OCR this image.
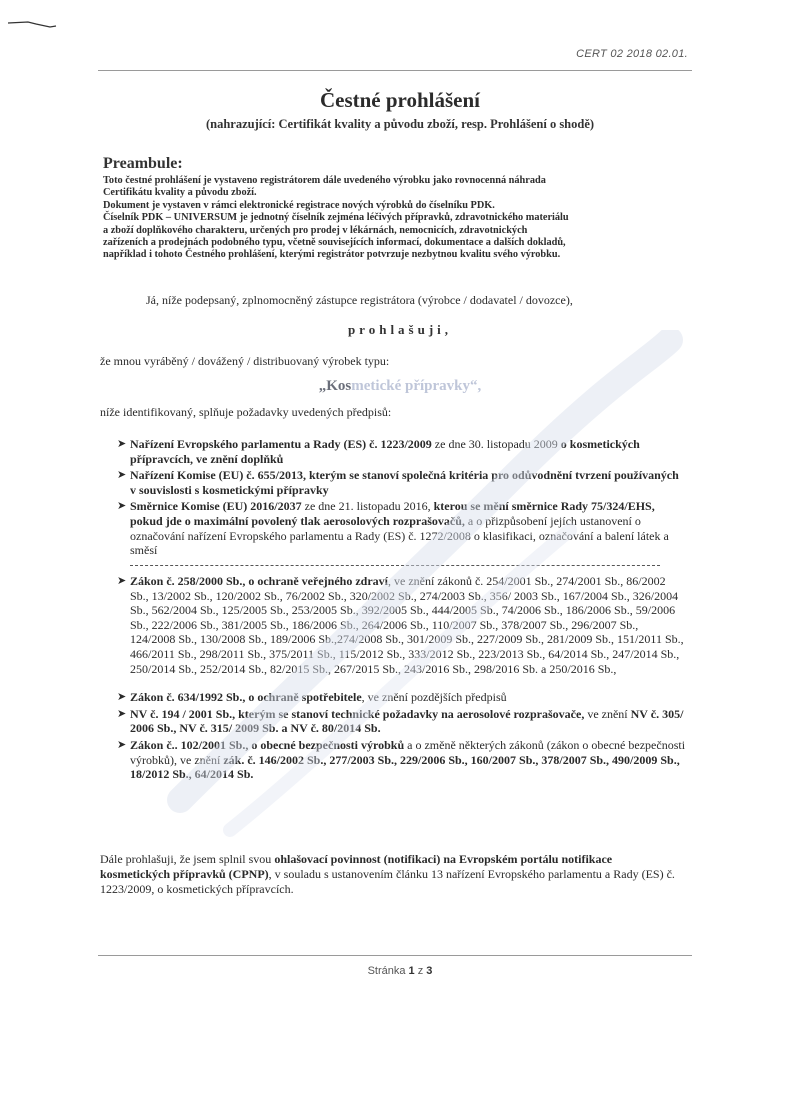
CERT 02 2018 02.01.
Čestné prohlášení
(nahrazující: Certifikát kvality a původu zboží, resp. Prohlášení o shodě)
Preambule:
Toto čestné prohlášení je vystaveno registrátorem dále uvedeného výrobku jako rovnocenná náhrada
Certifikátu kvality a původu zboží.
Dokument je vystaven v rámci elektronické registrace nových výrobků do číselníku PDK.
Číselník PDK – UNIVERSUM je jednotný číselník zejména léčivých přípravků, zdravotnického materiálu
a zboží doplňkového charakteru, určených pro prodej v lékárnách, nemocnicích, zdravotnických
zařízeních a prodejnách podobného typu, včetně souvisejících informací, dokumentace a dalších dokladů,
například i tohoto Čestného prohlášení, kterými registrátor potvrzuje nezbytnou kvalitu svého výrobku.
Já, níže podepsaný, zplnomocněný zástupce registrátora (výrobce / dodavatel / dovozce),
prohlašuji,
že mnou vyráběný / dovážený / distribuovaný výrobek typu:
„Kosmetické přípravky“,
níže identifikovaný, splňuje požadavky uvedených předpisů:
➤ Nařízení Evropského parlamentu a Rady (ES) č. 1223/2009 ze dne 30. listopadu 2009 o kosmetických přípravcích, ve znění doplňků
➤ Nařízení Komise (EU) č. 655/2013, kterým se stanoví společná kritéria pro odůvodnění tvrzení používaných v souvislosti s kosmetickými přípravky
➤ Směrnice Komise (EU) 2016/2037 ze dne 21. listopadu 2016, kterou se mění směrnice Rady 75/324/EHS, pokud jde o maximální povolený tlak aerosolových rozprašovačů, a o přizpůsobení jejích ustanovení o označování nařízení Evropského parlamentu a Rady (ES) č. 1272/2008 o klasifikaci, označování a balení látek a směsí
➤ Zákon č. 258/2000 Sb., o ochraně veřejného zdraví, ve znění zákonů č. 254/2001 Sb., 274/2001 Sb., 86/2002 Sb., 13/2002 Sb., 120/2002 Sb., 76/2002 Sb., 320/2002 Sb., 274/2003 Sb., 356/ 2003 Sb., 167/2004 Sb., 326/2004 Sb., 562/2004 Sb., 125/2005 Sb., 253/2005 Sb., 392/2005 Sb., 444/2005 Sb., 74/2006 Sb., 186/2006 Sb., 59/2006 Sb., 222/2006 Sb., 381/2005 Sb., 186/2006 Sb., 264/2006 Sb., 110/2007 Sb., 378/2007 Sb., 296/2007 Sb., 124/2008 Sb., 130/2008 Sb., 189/2006 Sb.,274/2008 Sb., 301/2009 Sb., 227/2009 Sb., 281/2009 Sb., 151/2011 Sb., 466/2011 Sb., 298/2011 Sb., 375/2011 Sb., 115/2012 Sb., 333/2012 Sb., 223/2013 Sb., 64/2014 Sb., 247/2014 Sb., 250/2014 Sb., 252/2014 Sb., 82/2015 Sb., 267/2015 Sb., 243/2016 Sb., 298/2016 Sb. a 250/2016 Sb.,
➤ Zákon č. 634/1992 Sb., o ochraně spotřebitele, ve znění pozdějších předpisů
➤ NV č. 194 / 2001 Sb., kterým se stanoví technické požadavky na aerosolové rozprašovače, ve znění NV č. 305/ 2006 Sb., NV č. 315/ 2009 Sb. a NV č. 80/2014 Sb.
➤ Zákon č.. 102/2001 Sb., o obecné bezpečnosti výrobků a o změně některých zákonů (zákon o obecné bezpečnosti výrobků), ve znění zák. č. 146/2002 Sb., 277/2003 Sb., 229/2006 Sb., 160/2007 Sb., 378/2007 Sb., 490/2009 Sb., 18/2012 Sb., 64/2014 Sb.
Dále prohlašuji, že jsem splnil svou ohlašovací povinnost (notifikaci) na Evropském portálu notifikace kosmetických přípravků (CPNP), v souladu s ustanovením článku 13 nařízení Evropského parlamentu a Rady (ES) č. 1223/2009, o kosmetických přípravcích.
Stránka 1 z 3
